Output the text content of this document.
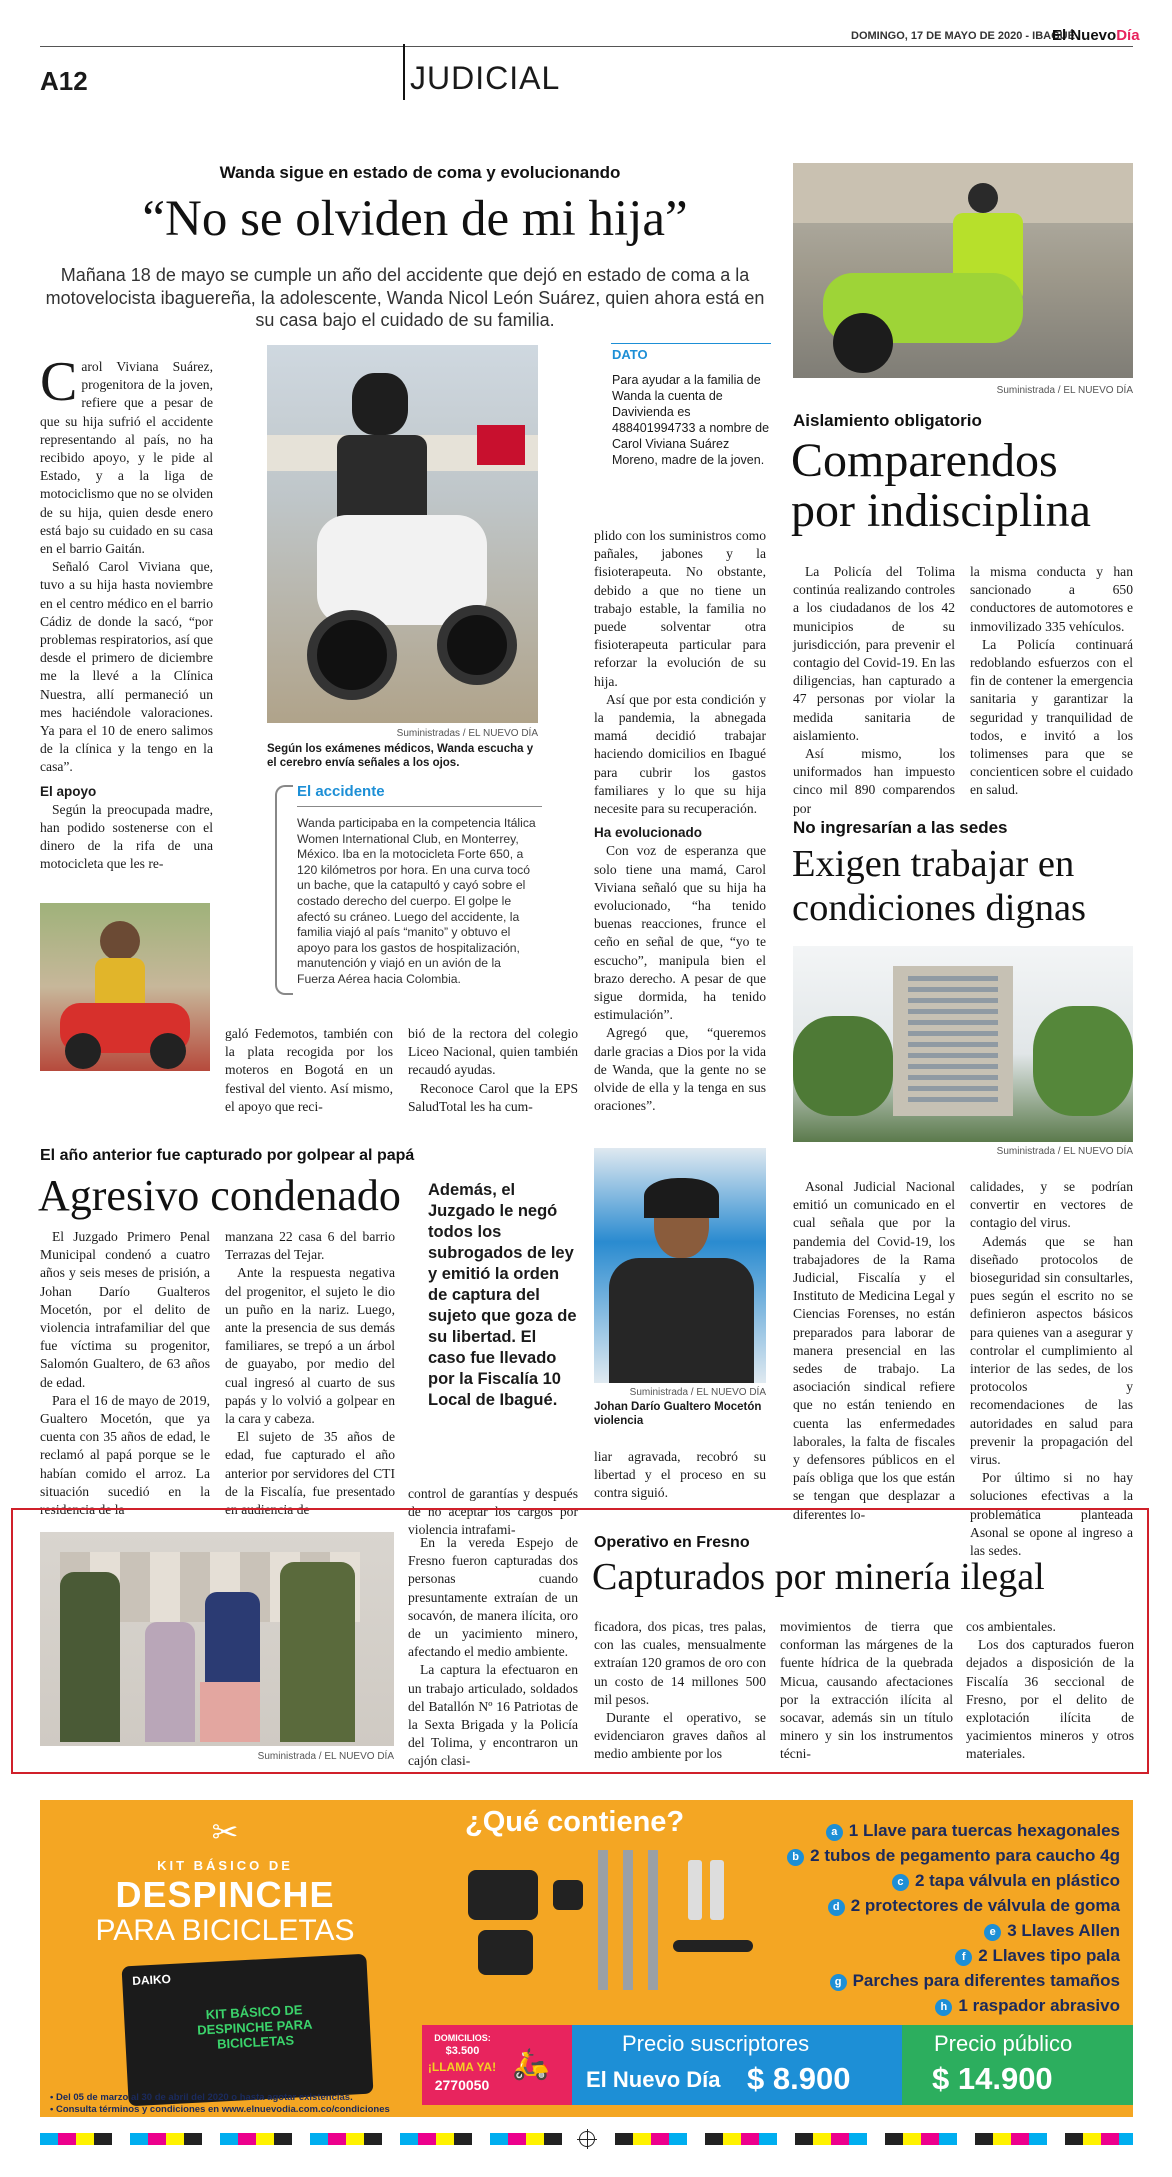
DOMINGO, 17 DE MAYO DE 2020 - IBAGUÉ
El NuevoDía
A12	JUDICIAL
Wanda sigue en estado de coma y evolucionando
“No se olviden de mi hija”
Mañana 18 de mayo se cumple un año del accidente que dejó en estado de coma a la motovelocista ibaguereña, la adolescente, Wanda Nicol León Suárez, quien ahora está en su casa bajo el cuidado de su familia.

Carol Viviana Suárez, progenitora de la joven, refiere que a pesar de que su hija sufrió el accidente representando al país, no ha recibido apoyo, y le pide al Estado, y a la liga de motociclismo que no se olviden de su hija, quien desde enero está bajo su cuidado en su casa en el barrio Gaitán.

Señaló Carol Viviana que, tuvo a su hija hasta noviembre en el centro médico en el barrio Cádiz de donde la sacó, “por problemas respiratorios, así que desde el primero de diciembre me la llevé a la Clínica Nuestra, allí permaneció un mes haciéndole valoraciones. Ya para el 10 de enero salimos de la clínica y la tengo en la casa”.

El apoyo

Según la preocupada madre, han podido sostenerse con el dinero de la rifa de una motocicleta que les re-

Suministradas / EL NUEVO DÍA
Según los exámenes médicos, Wanda escucha y el cerebro envía señales a los ojos.
DATO
Para ayudar a la familia de Wanda la cuenta de Davivienda es 488401994733 a nombre de Carol Viviana Suárez Moreno, madre de la joven.
El accidente
Wanda participaba en la competencia Itálica Women International Club, en Monterrey, México. Iba en la motocicleta Forte 650, a 120 kilómetros por hora. En una curva tocó un bache, que la catapultó y cayó sobre el costado derecho del cuerpo. El golpe le afectó su cráneo. Luego del accidente, la familia viajó al país “manito” y obtuvo el apoyo para los gastos de hospitalización, manutención y viajó en un avión de la Fuerza Aérea hacia Colombia.

galó Fedemotos, también con la plata recogida por los moteros en Bogotá en un festival del viento. Así mismo, el apoyo que reci-

bió de la rectora del colegio Liceo Nacional, quien también recaudó ayudas.

Reconoce Carol que la EPS SaludTotal les ha cum-

plido con los suministros como pañales, jabones y la fisioterapeuta. No obstante, debido a que no tiene un trabajo estable, la familia no puede solventar otra fisioterapeuta particular para reforzar la evolución de su hija.

Así que por esta condición y la pandemia, la abnegada mamá decidió trabajar haciendo domicilios en Ibagué para cubrir los gastos familiares y lo que su hija necesite para su recuperación.

Ha evolucionado

Con voz de esperanza que solo tiene una mamá, Carol Viviana señaló que su hija ha evolucionado, “ha tenido buenas reacciones, frunce el ceño en señal de que, “yo te escucho”, manipula bien el brazo derecho. A pesar de que sigue dormida, ha tenido estimulación”.

Agregó que, “queremos darle gracias a Dios por la vida de Wanda, que la gente no se olvide de ella y la tenga en sus oraciones”.

Suministrada / EL NUEVO DÍA
Aislamiento obligatorio
Comparendos
por indisciplina

La Policía del Tolima continúa realizando controles a los ciudadanos de los 42 municipios de su jurisdicción, para prevenir el contagio del Covid-19. En las diligencias, han capturado a 47 personas por violar la medida sanitaria de aislamiento.

Así mismo, los uniformados han impuesto cinco mil 890 comparendos por

la misma conducta y han sancionado a 650 conductores de automotores e inmovilizado 335 vehículos.

La Policía continuará redoblando esfuerzos con el fin de contener la emergencia sanitaria y garantizar la seguridad y tranquilidad de todos, e invitó a los tolimenses para que se concienticen sobre el cuidado en salud.

No ingresarían a las sedes
Exigen trabajar en
condiciones dignas
Suministrada / EL NUEVO DÍA

Asonal Judicial Nacional emitió un comunicado en el cual señala que por la pandemia del Covid-19, los trabajadores de la Rama Judicial, Fiscalía y el Instituto de Medicina Legal y Ciencias Forenses, no están preparados para laborar de manera presencial en las sedes de trabajo. La asociación sindical refiere que no están teniendo en cuenta las enfermedades laborales, la falta de fiscales y defensores públicos en el país obliga que los que están se tengan que desplazar a diferentes lo-

calidades, y se podrían convertir en vectores de contagio del virus.

Además que se han diseñado protocolos de bioseguridad sin consultarles, pues según el escrito no se definieron aspectos básicos para quienes van a asegurar y controlar el cumplimiento al interior de las sedes, de los protocolos y recomendaciones de las autoridades en salud para prevenir la propagación del virus.

Por último si no hay soluciones efectivas a la problemática planteada Asonal se opone al ingreso a las sedes.

El año anterior fue capturado por golpear al papá
Agresivo condenado

El Juzgado Primero Penal Municipal condenó a cuatro años y seis meses de prisión, a Johan Darío Gualteros Mocetón, por el delito de violencia intrafamiliar del que fue víctima su progenitor, Salomón Gualtero, de 63 años de edad.

Para el 16 de mayo de 2019, Gualtero Mocetón, que ya cuenta con 35 años de edad, le reclamó al papá porque se le habían comido el arroz. La situación sucedió en la residencia de la

manzana 22 casa 6 del barrio Terrazas del Tejar.

Ante la respuesta negativa del progenitor, el sujeto le dio un puño en la nariz. Luego, ante la presencia de sus demás familiares, se trepó a un árbol de guayabo, por medio del cual ingresó al cuarto de sus papás y lo volvió a golpear en la cara y cabeza.

El sujeto de 35 años de edad, fue capturado el año anterior por servidores del CTI de la Fiscalía, fue presentado en audiencia de

Además, el Juzgado le negó todos los subrogados de ley y emitió la orden de captura del sujeto que goza de su libertad. El caso fue llevado por la Fiscalía 10 Local de Ibagué.

control de garantías y después de no aceptar los cargos por violencia intrafami-

Suministrada / EL NUEVO DÍA
Johan Darío Gualtero Mocetón violencia

liar agravada, recobró su libertad y el proceso en su contra siguió.

Suministrada / EL NUEVO DÍA

En la vereda Espejo de Fresno fueron capturadas dos personas cuando presuntamente extraían de un socavón, de manera ilícita, oro de un yacimiento minero, afectando el medio ambiente.

La captura la efectuaron en un trabajo articulado, soldados del Batallón Nº 16 Patriotas de la Sexta Brigada y la Policía del Tolima, y encontraron un cajón clasi-

Operativo en Fresno
Capturados por minería ilegal

ficadora, dos picas, tres palas, con las cuales, mensualmente extraían 120 gramos de oro con un costo de 14 millones 500 mil pesos.

Durante el operativo, se evidenciaron graves daños al medio ambiente por los

movimientos de tierra que conforman las márgenes de la fuente hídrica de la quebrada Micua, causando afectaciones por la extracción ilícita al socavar, además sin un título minero y sin los instrumentos técni-

cos ambientales.

Los dos capturados fueron dejados a disposición de la Fiscalía 36 seccional de Fresno, por el delito de explotación ilícita de yacimientos mineros y otros materiales.

✂
KIT BÁSICO DE
DESPINCHE
PARA BICICLETAS
DAIKO
KIT BÁSICO DE DESPINCHE PARA BICICLETAS
¿Qué contiene?	a 1 Llave para tuercas hexagonales
b 2 tubos de pegamento para caucho 4g
c 2 tapa válvula en plástico
d 2 protectores de válvula de goma
e 3 Llaves Allen
f 2 Llaves tipo pala
g Parches para diferentes tamaños
h 1 raspador abrasivo
DOMICILIOS:
$3.500
¡LLAMA YA!
2770050
🛵
Precio suscriptores
El Nuevo Día $ 8.900
Precio público
$ 14.900
• Del 05 de marzo al 30 de abril del 2020 o hasta agotar existencias.
• Consulta términos y condiciones en www.elnuevodia.com.co/condiciones
